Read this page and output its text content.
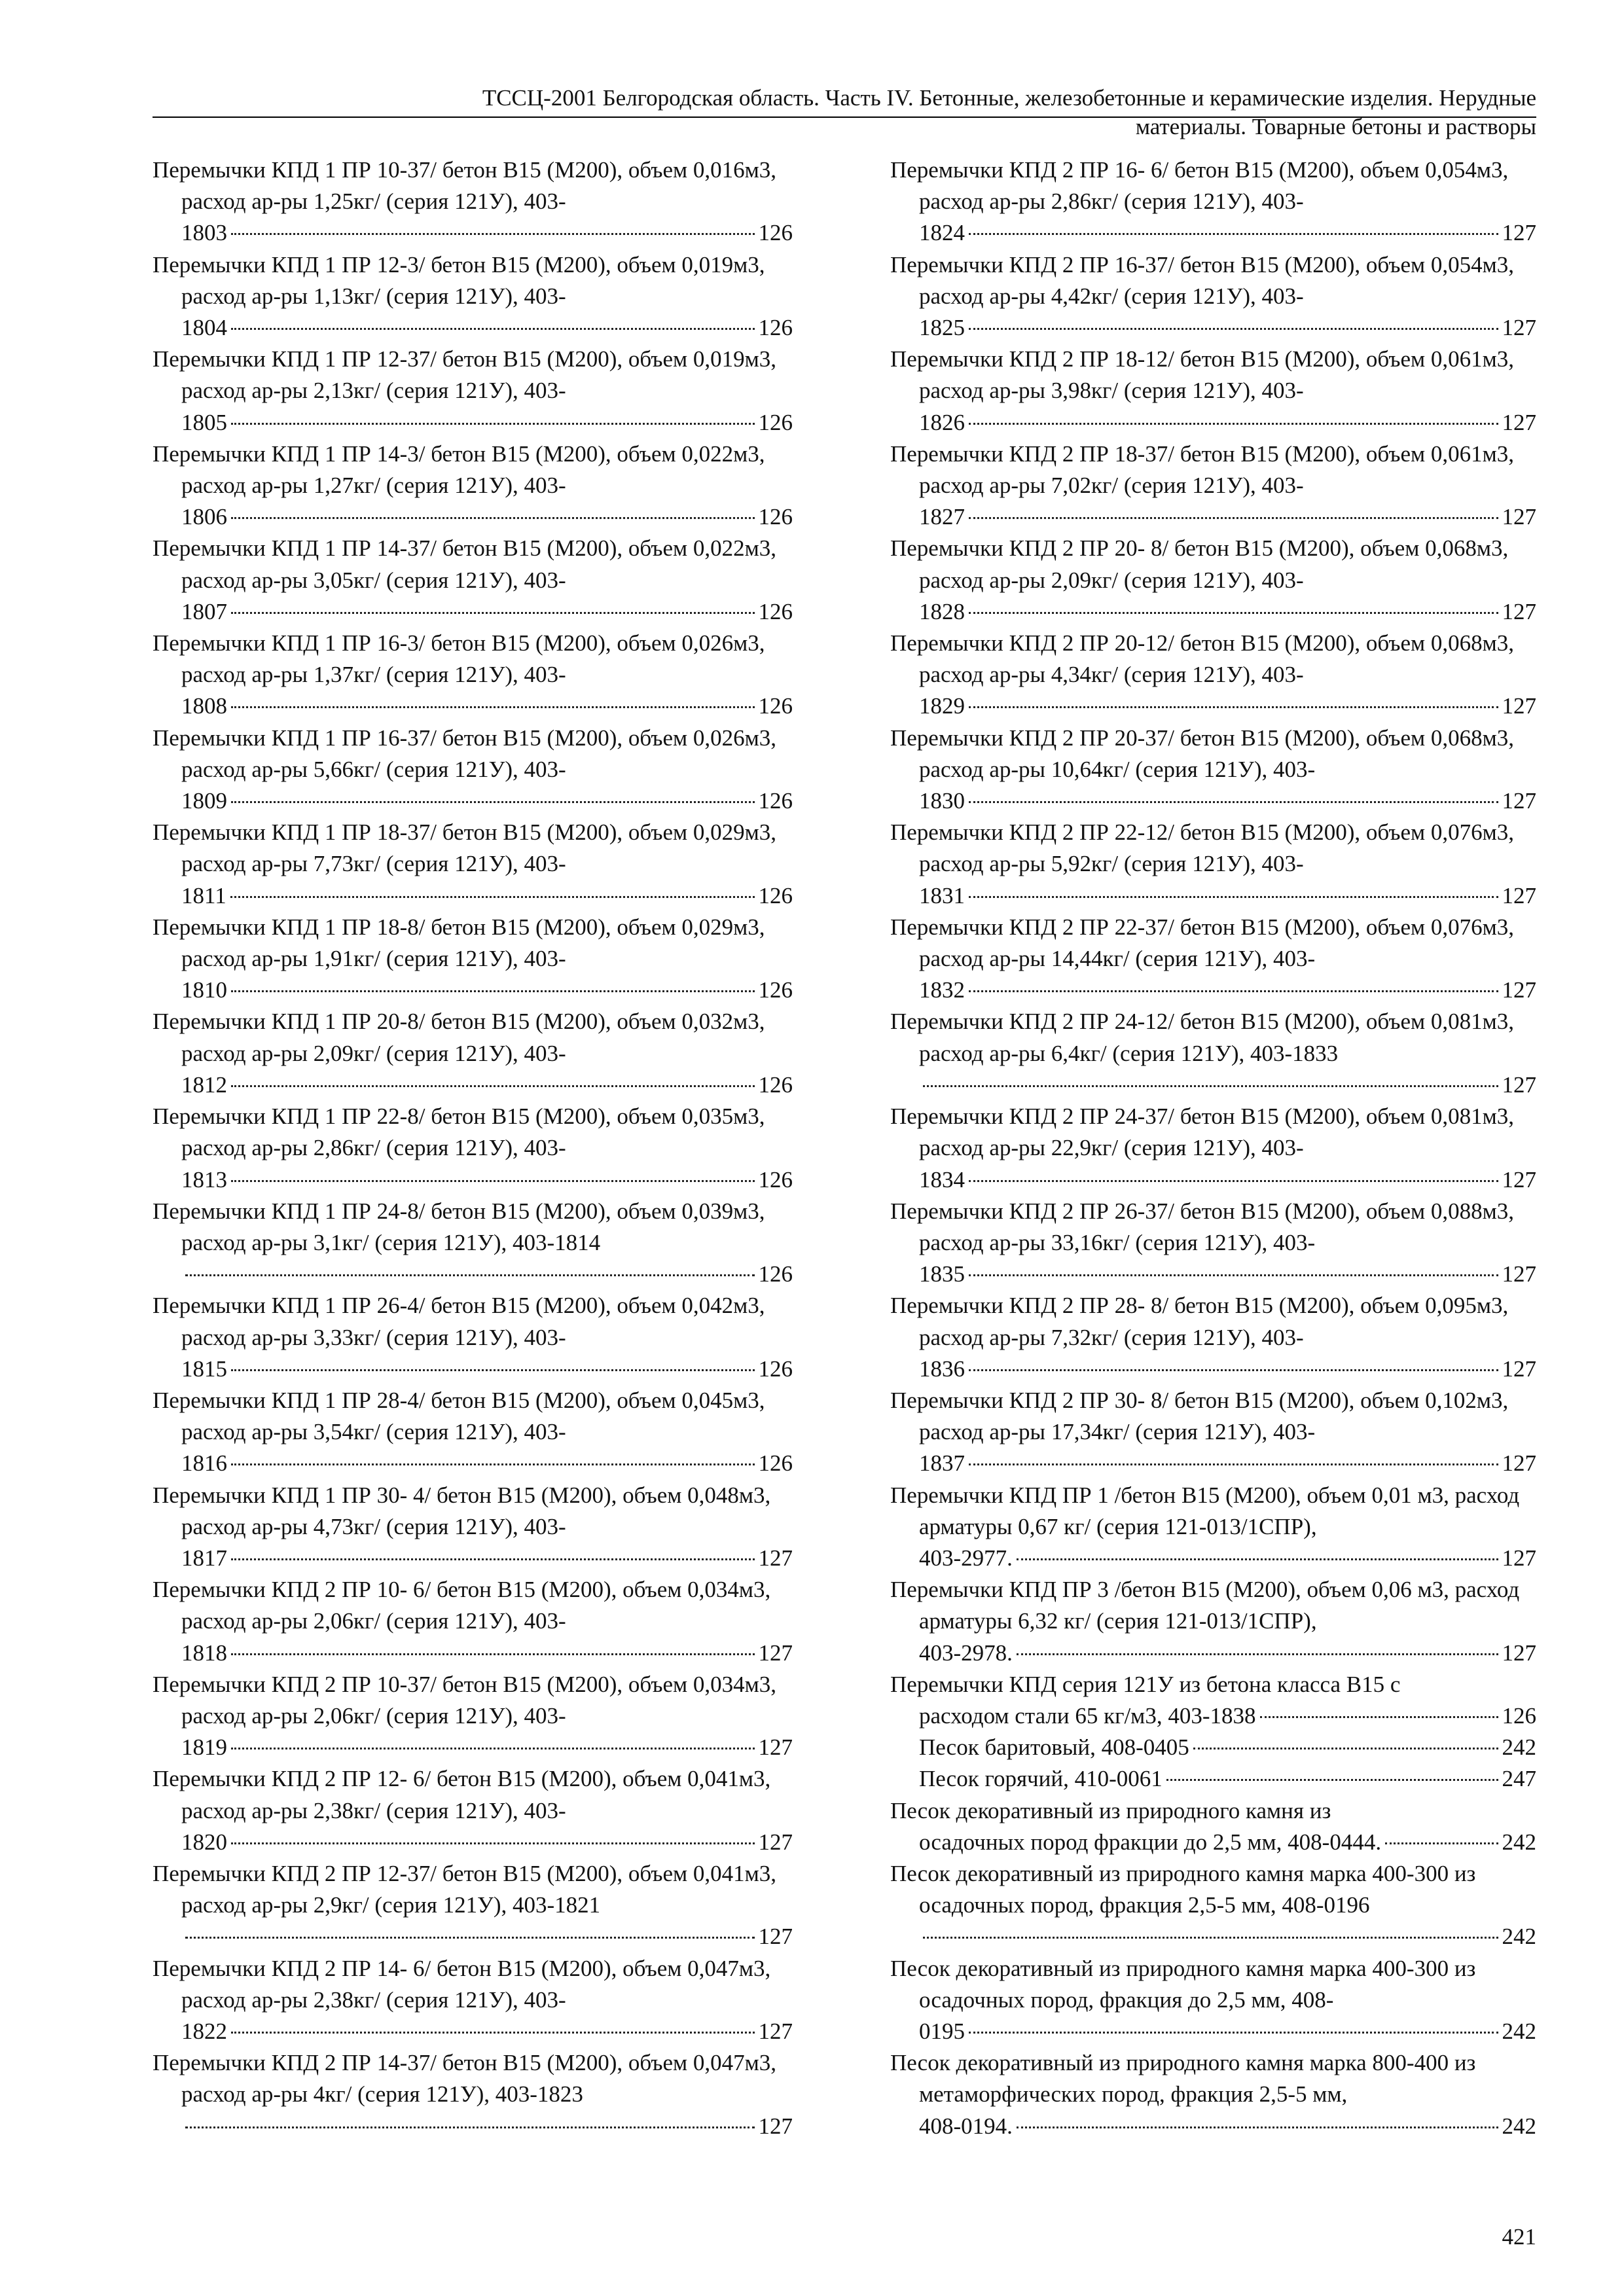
ТССЦ-2001 Белгородская область. Часть IV. Бетонные, железобетонные и керамические изделия. Нерудные
материалы. Товарные бетоны и растворы

Перемычки КПД 1 ПР 10-37/ бетон В15 (М200), объем 0,016м3, расход ар-ры 1,25кг/ (серия 121У), 403-
1803	126

Перемычки КПД 1 ПР 12-3/ бетон В15 (М200), объем 0,019м3, расход ар-ры 1,13кг/ (серия 121У), 403-
1804	126

Перемычки КПД 1 ПР 12-37/ бетон В15 (М200), объем 0,019м3, расход ар-ры 2,13кг/ (серия 121У), 403-
1805	126

Перемычки КПД 1 ПР 14-3/ бетон В15 (М200), объем 0,022м3, расход ар-ры 1,27кг/ (серия 121У), 403-
1806	126

Перемычки КПД 1 ПР 14-37/ бетон В15 (М200), объем 0,022м3, расход ар-ры 3,05кг/ (серия 121У), 403-
1807	126

Перемычки КПД 1 ПР 16-3/ бетон В15 (М200), объем 0,026м3, расход ар-ры 1,37кг/ (серия 121У), 403-
1808	126

Перемычки КПД 1 ПР 16-37/ бетон В15 (М200), объем 0,026м3, расход ар-ры 5,66кг/ (серия 121У), 403-
1809	126

Перемычки КПД 1 ПР 18-37/ бетон В15 (М200), объем 0,029м3, расход ар-ры 7,73кг/ (серия 121У), 403-
1811	126

Перемычки КПД 1 ПР 18-8/ бетон В15 (М200), объем 0,029м3, расход ар-ры 1,91кг/ (серия 121У), 403-
1810	126

Перемычки КПД 1 ПР 20-8/ бетон В15 (М200), объем 0,032м3, расход ар-ры 2,09кг/ (серия 121У), 403-
1812	126

Перемычки КПД 1 ПР 22-8/ бетон В15 (М200), объем 0,035м3, расход ар-ры 2,86кг/ (серия 121У), 403-
1813	126

Перемычки КПД 1 ПР 24-8/ бетон В15 (М200), объем 0,039м3, расход ар-ры 3,1кг/ (серия 121У), 403-1814
126

Перемычки КПД 1 ПР 26-4/ бетон В15 (М200), объем 0,042м3, расход ар-ры 3,33кг/ (серия 121У), 403-
1815	126

Перемычки КПД 1 ПР 28-4/ бетон В15 (М200), объем 0,045м3, расход ар-ры 3,54кг/ (серия 121У), 403-
1816	126

Перемычки КПД 1 ПР 30- 4/ бетон В15 (М200), объем 0,048м3, расход ар-ры 4,73кг/ (серия 121У), 403-
1817	127

Перемычки КПД 2 ПР 10- 6/ бетон В15 (М200), объем 0,034м3, расход ар-ры 2,06кг/ (серия 121У), 403-
1818	127

Перемычки КПД 2 ПР 10-37/ бетон В15 (М200), объем 0,034м3, расход ар-ры 2,06кг/ (серия 121У), 403-
1819	127

Перемычки КПД 2 ПР 12- 6/ бетон В15 (М200), объем 0,041м3, расход ар-ры 2,38кг/ (серия 121У), 403-
1820	127

Перемычки КПД 2 ПР 12-37/ бетон В15 (М200), объем 0,041м3, расход ар-ры 2,9кг/ (серия 121У), 403-1821
127

Перемычки КПД 2 ПР 14- 6/ бетон В15 (М200), объем 0,047м3, расход ар-ры 2,38кг/ (серия 121У), 403-
1822	127

Перемычки КПД 2 ПР 14-37/ бетон В15 (М200), объем 0,047м3, расход ар-ры 4кг/ (серия 121У), 403-1823
127

Перемычки КПД 2 ПР 16- 6/ бетон В15 (М200), объем 0,054м3, расход ар-ры 2,86кг/ (серия 121У), 403-
1824	127

Перемычки КПД 2 ПР 16-37/ бетон В15 (М200), объем 0,054м3, расход ар-ры 4,42кг/ (серия 121У), 403-
1825	127

Перемычки КПД 2 ПР 18-12/ бетон В15 (М200), объем 0,061м3, расход ар-ры 3,98кг/ (серия 121У), 403-
1826	127

Перемычки КПД 2 ПР 18-37/ бетон В15 (М200), объем 0,061м3, расход ар-ры 7,02кг/ (серия 121У), 403-
1827	127

Перемычки КПД 2 ПР 20- 8/ бетон В15 (М200), объем 0,068м3, расход ар-ры 2,09кг/ (серия 121У), 403-
1828	127

Перемычки КПД 2 ПР 20-12/ бетон В15 (М200), объем 0,068м3, расход ар-ры 4,34кг/ (серия 121У), 403-
1829	127

Перемычки КПД 2 ПР 20-37/ бетон В15 (М200), объем 0,068м3, расход ар-ры 10,64кг/ (серия 121У), 403-
1830	127

Перемычки КПД 2 ПР 22-12/ бетон В15 (М200), объем 0,076м3, расход ар-ры 5,92кг/ (серия 121У), 403-
1831	127

Перемычки КПД 2 ПР 22-37/ бетон В15 (М200), объем 0,076м3, расход ар-ры 14,44кг/ (серия 121У), 403-
1832	127

Перемычки КПД 2 ПР 24-12/ бетон В15 (М200), объем 0,081м3, расход ар-ры 6,4кг/ (серия 121У), 403-1833
127

Перемычки КПД 2 ПР 24-37/ бетон В15 (М200), объем 0,081м3, расход ар-ры 22,9кг/ (серия 121У), 403-
1834	127

Перемычки КПД 2 ПР 26-37/ бетон В15 (М200), объем 0,088м3, расход ар-ры 33,16кг/ (серия 121У), 403-
1835	127

Перемычки КПД 2 ПР 28- 8/ бетон В15 (М200), объем 0,095м3, расход ар-ры 7,32кг/ (серия 121У), 403-
1836	127

Перемычки КПД 2 ПР 30- 8/ бетон В15 (М200), объем 0,102м3, расход ар-ры 17,34кг/ (серия 121У), 403-
1837	127

Перемычки КПД ПР 1 /бетон В15 (М200), объем 0,01 м3, расход арматуры 0,67 кг/ (серия 121-013/1СПР),
403-2977.	127

Перемычки КПД ПР 3 /бетон В15 (М200), объем 0,06 м3, расход арматуры 6,32 кг/ (серия 121-013/1СПР),
403-2978.	127

Перемычки КПД серия 121У из бетона класса В15 с
расходом стали 65 кг/м3, 403-1838	126

Песок баритовый, 408-0405	242

Песок горячий, 410-0061	247

Песок декоративный из природного камня из
осадочных пород фракции до 2,5 мм, 408-0444.	242

Песок декоративный из природного камня марка 400-300 из осадочных пород, фракция 2,5-5 мм, 408-0196
242

Песок декоративный из природного камня марка 400-300 из осадочных пород, фракция до 2,5 мм, 408-
0195	242

Песок декоративный из природного камня марка 800-400 из метаморфических пород, фракция 2,5-5 мм,
408-0194.	242

421
